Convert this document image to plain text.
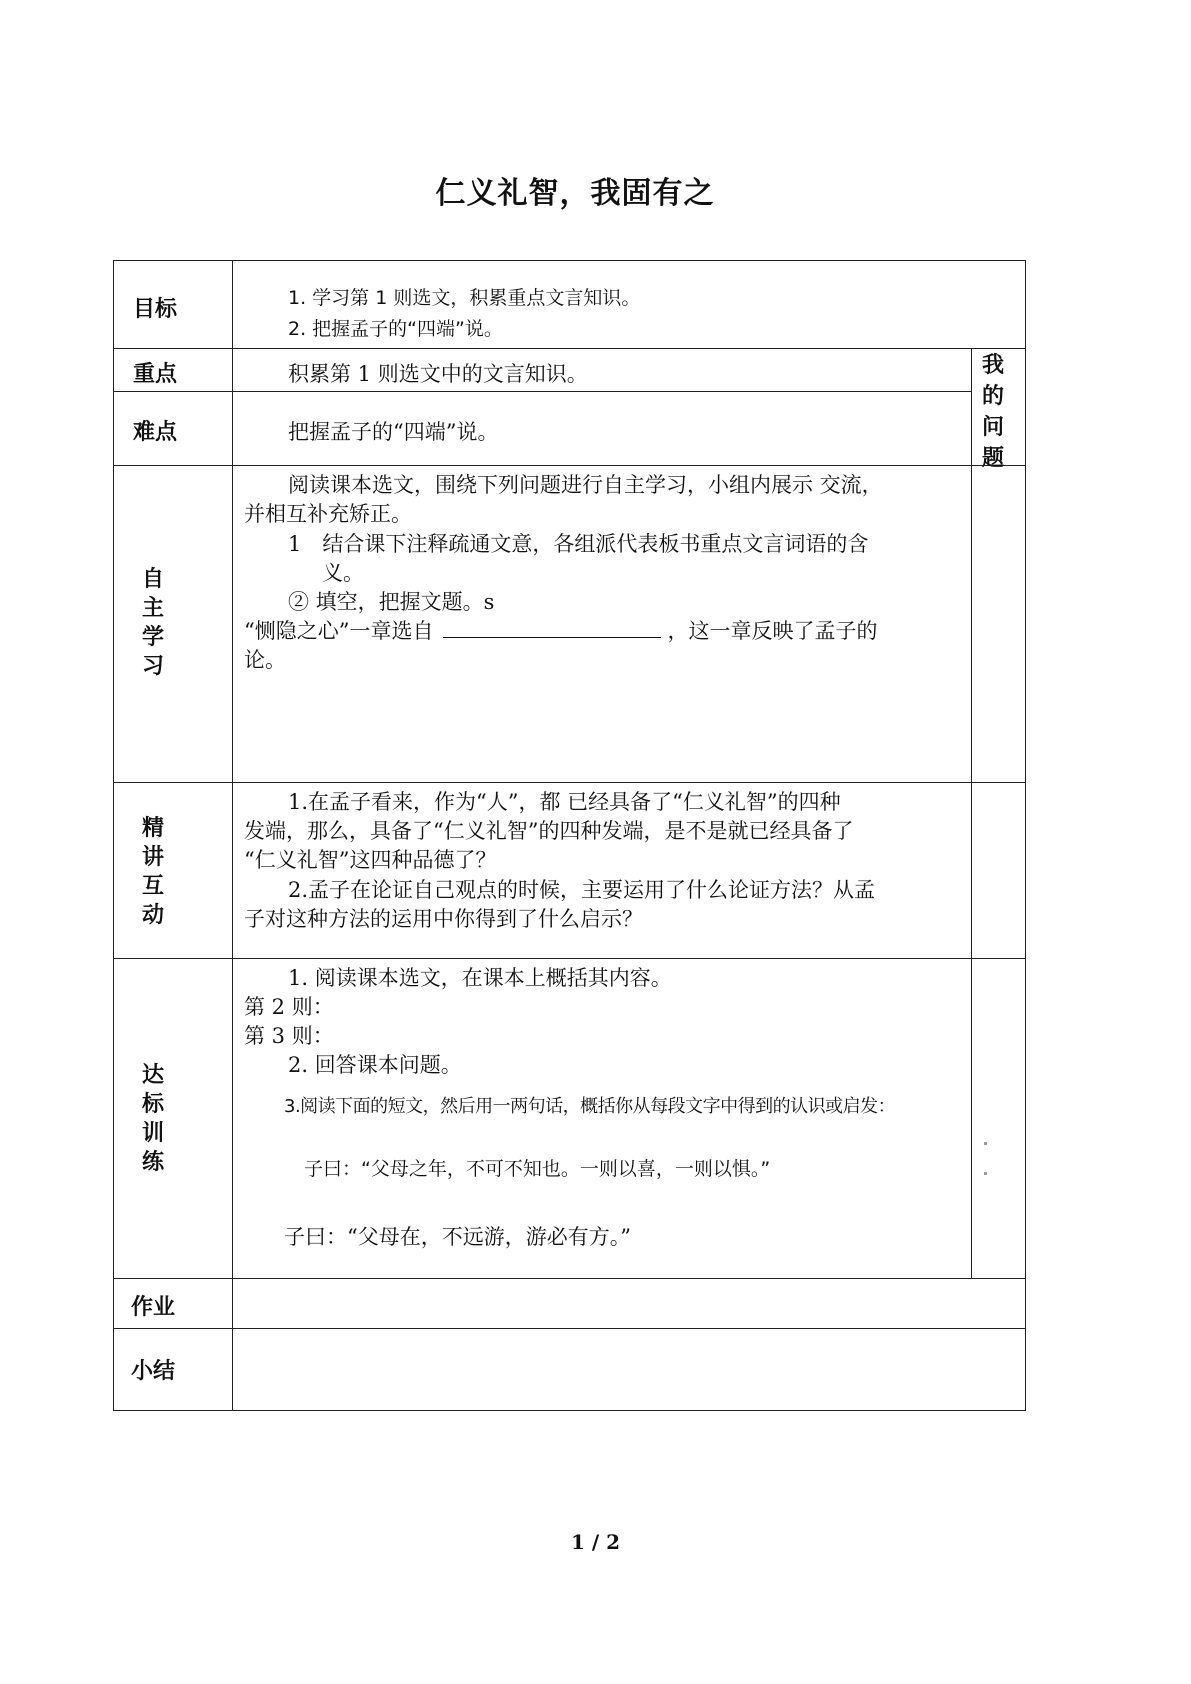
仁义礼智，我固有之
目标	1. 学习第 1 则选文，积累重点文言知识。
2. 把握孟子的“四端”说。
重点	积累第 1 则选文中的文言知识。
难点	把握孟子的“四端”说。
我的问题
自主学习
阅读课本选文，围绕下列问题进行自主学习，小组内展示 交流，
并相互补充矫正。
1　结合课下注释疏通文意，各组派代表板书重点文言词语的含
义。
② 填空，把握文题。s
“恻隐之心”一章选自	，这一章反映了孟子的
论。
精讲互动
1.在孟子看来，作为“人”，都 已经具备了“仁义礼智”的四种
发端，那么，具备了“仁义礼智”的四种发端，是不是就已经具备了
“仁义礼智”这四种品德了？
2.孟子在论证自己观点的时候，主要运用了什么论证方法？从孟
子对这种方法的运用中你得到了什么启示？
达标训练
1. 阅读课本选文，在课本上概括其内容。
第 2 则：
第 3 则：
2. 回答课本问题。
3.阅读下面的短文，然后用一两句话，概括你从每段文字中得到的认识或启发：
子曰：“父母之年，不可不知也。一则以喜，一则以惧。”
子曰：“父母在，不远游，游必有方。”
作业
小结
1 / 2
